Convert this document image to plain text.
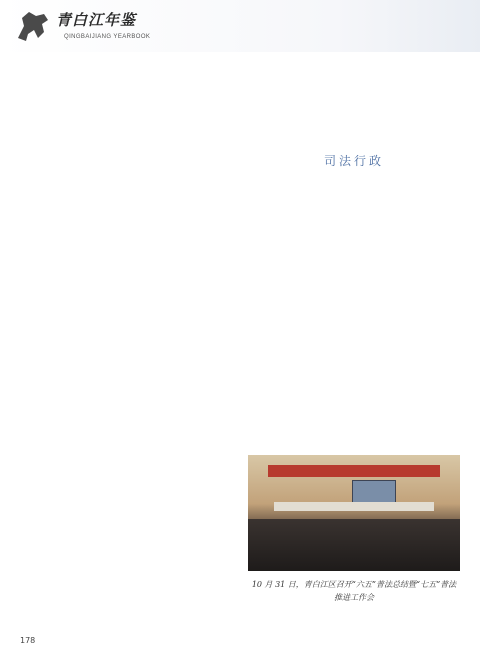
青白江年鉴
QINGBAIJIANG YEARBOOK
司法行政
10 月 31 日，青白江区召开“六五”普法总结暨“七五”普法推进工作会
178
